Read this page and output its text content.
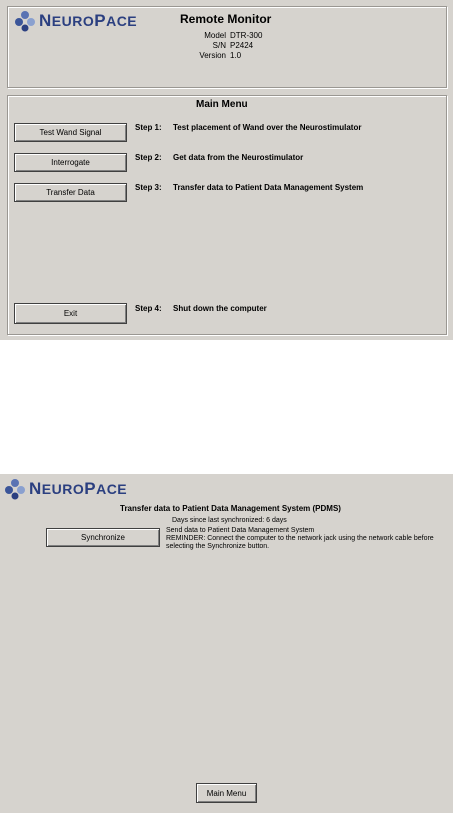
NEUROPACE	Remote Monitor
Model DTR-300
S/N P2424
Version 1.0
Main Menu
Test Wand Signal
Interrogate
Transfer Data
Exit
Step 1: Test placement of Wand over the Neurostimulator
Step 2: Get data from the Neurostimulator
Step 3: Transfer data to Patient Data Management System
Step 4: Shut down the computer
NEUROPACE
Transfer data to Patient Data Management System (PDMS)
Days since last synchronized: 6 days
Synchronize
Send data to Patient Data Management System
REMINDER: Connect the computer to the network jack using the network cable before selecting the Synchronize button.
Main Menu
